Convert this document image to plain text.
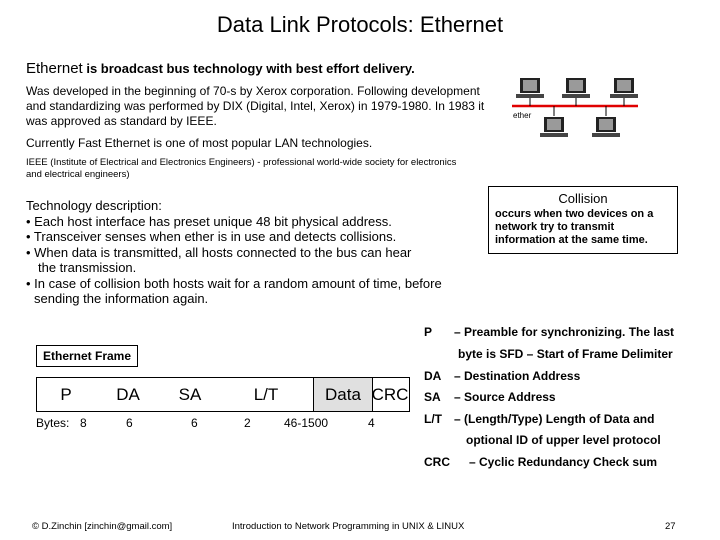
Data Link Protocols: Ethernet
Ethernet is broadcast bus technology with best effort delivery.
Was developed in the beginning of 70-s by Xerox corporation. Following development
and standardizing was performed by DIX (Digital, Intel, Xerox) in 1979-1980. In 1983 it
was approved as standard by IEEE.
Currently Fast Ethernet is one of most popular LAN technologies.
IEEE (Institute of Electrical and Electronics Engineers) - professional world-wide society for electronics
and electrical engineers)
ether
Collision
occurs when two devices on a network try to transmit information at the same time.
Technology description:
• Each host interface has preset unique 48 bit physical address.
• Transceiver senses when ether is in use and detects collisions.
• When data is transmitted, all hosts connected to the bus can hear
the transmission.
• In case of collision both hosts wait for a random amount of time, before
sending the information again.
Ethernet Frame
P	DA	SA	L/T	Data CRC
Bytes: 8	6	6	2	46-1500	4
P – Preamble for synchronizing. The last
byte is SFD – Start of Frame Delimiter
DA – Destination Address
SA – Source Address
L/T – (Length/Type) Length of Data and
optional ID of upper level protocol
CRC – Cyclic Redundancy Check sum
© D.Zinchin [zinchin@gmail.com]	Introduction to Network Programming in UNIX & LINUX	27
